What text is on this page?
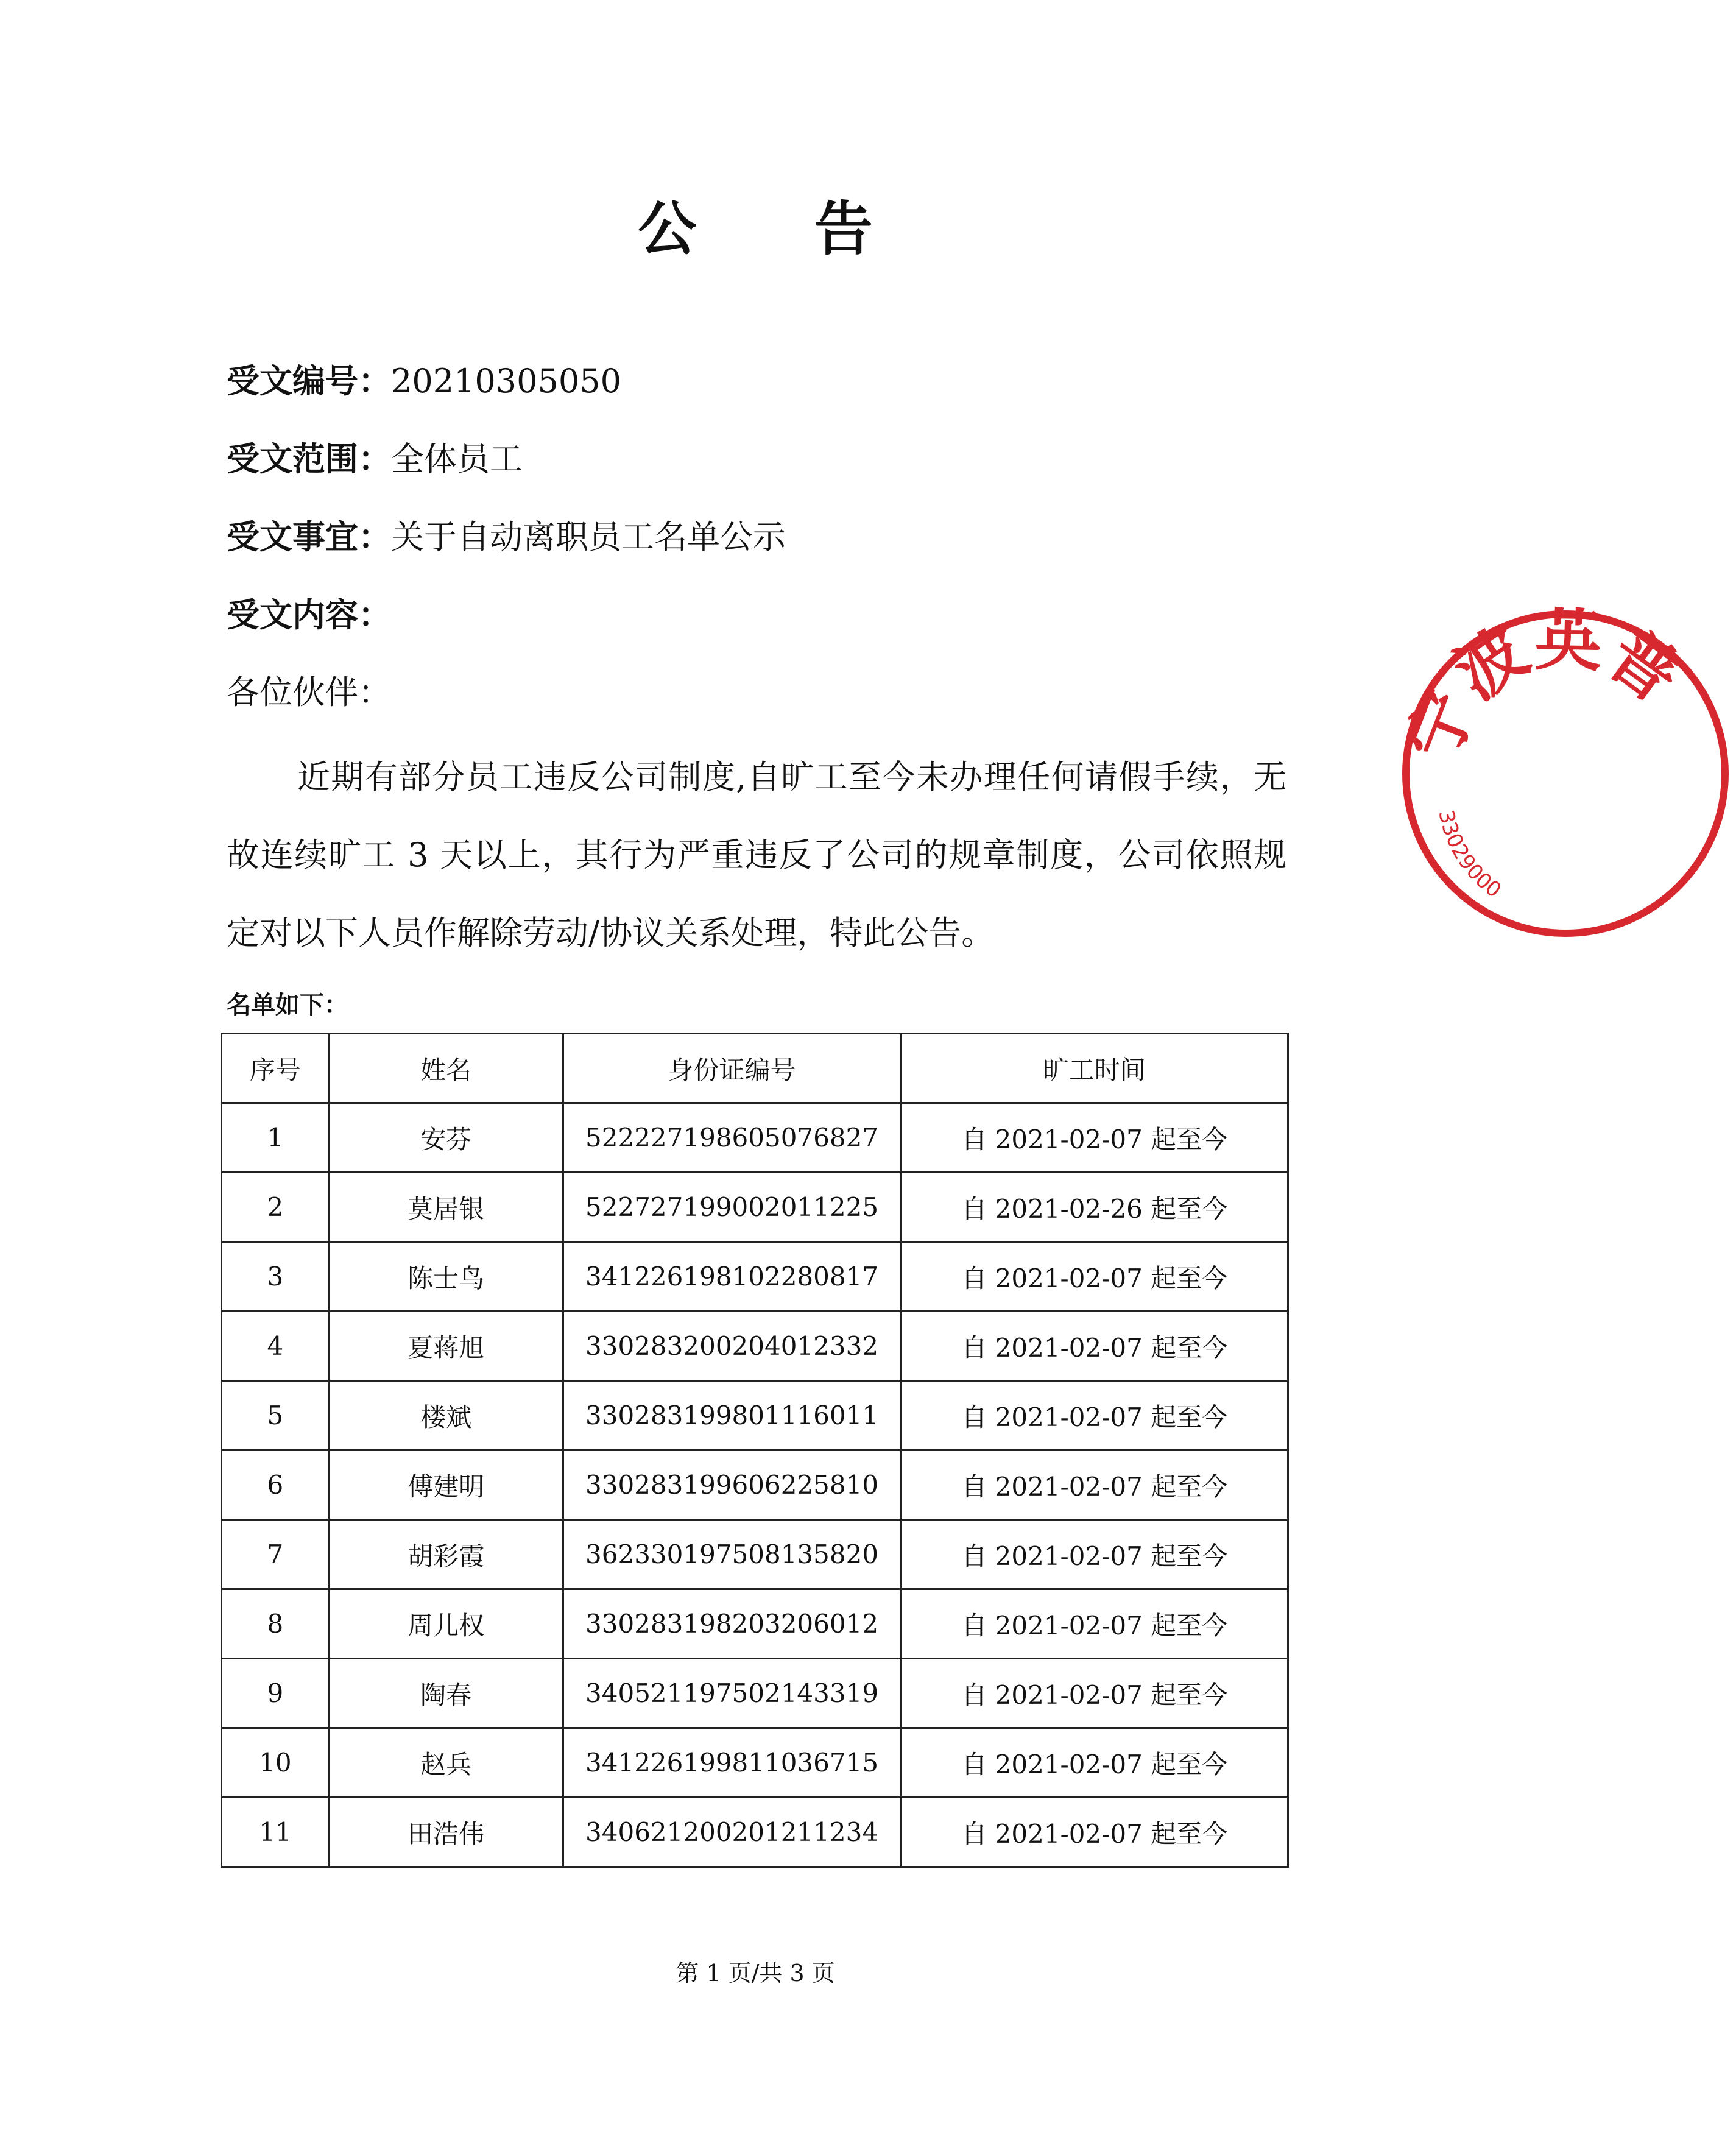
公 告
受文编号：20210305050
受文范围：全体员工
受文事宜：关于自动离职员工名单公示
受文内容：
各位伙伴：
近期有部分员工违反公司制度,自旷工至今未办理任何请假手续，无故连续旷工 3 天以上，其行为严重违反了公司的规章制度，公司依照规定对以下人员作解除劳动/协议关系处理，特此公告。
名单如下：
序号	姓名	身份证编号	旷工时间
1	安芬	522227198605076827	自 2021-02-07 起至今
2	莫居银	522727199002011225	自 2021-02-26 起至今
3	陈士鸟	341226198102280817	自 2021-02-07 起至今
4	夏蒋旭	330283200204012332	自 2021-02-07 起至今
5	楼斌	330283199801116011	自 2021-02-07 起至今
6	傅建明	330283199606225810	自 2021-02-07 起至今
7	胡彩霞	362330197508135820	自 2021-02-07 起至今
8	周儿权	330283198203206012	自 2021-02-07 起至今
9	陶春	340521197502143319	自 2021-02-07 起至今
10	赵兵	341226199811036715	自 2021-02-07 起至今
11	田浩伟	340621200201211234	自 2021-02-07 起至今
第 1 页/共 3 页
宁波英普
33029000
